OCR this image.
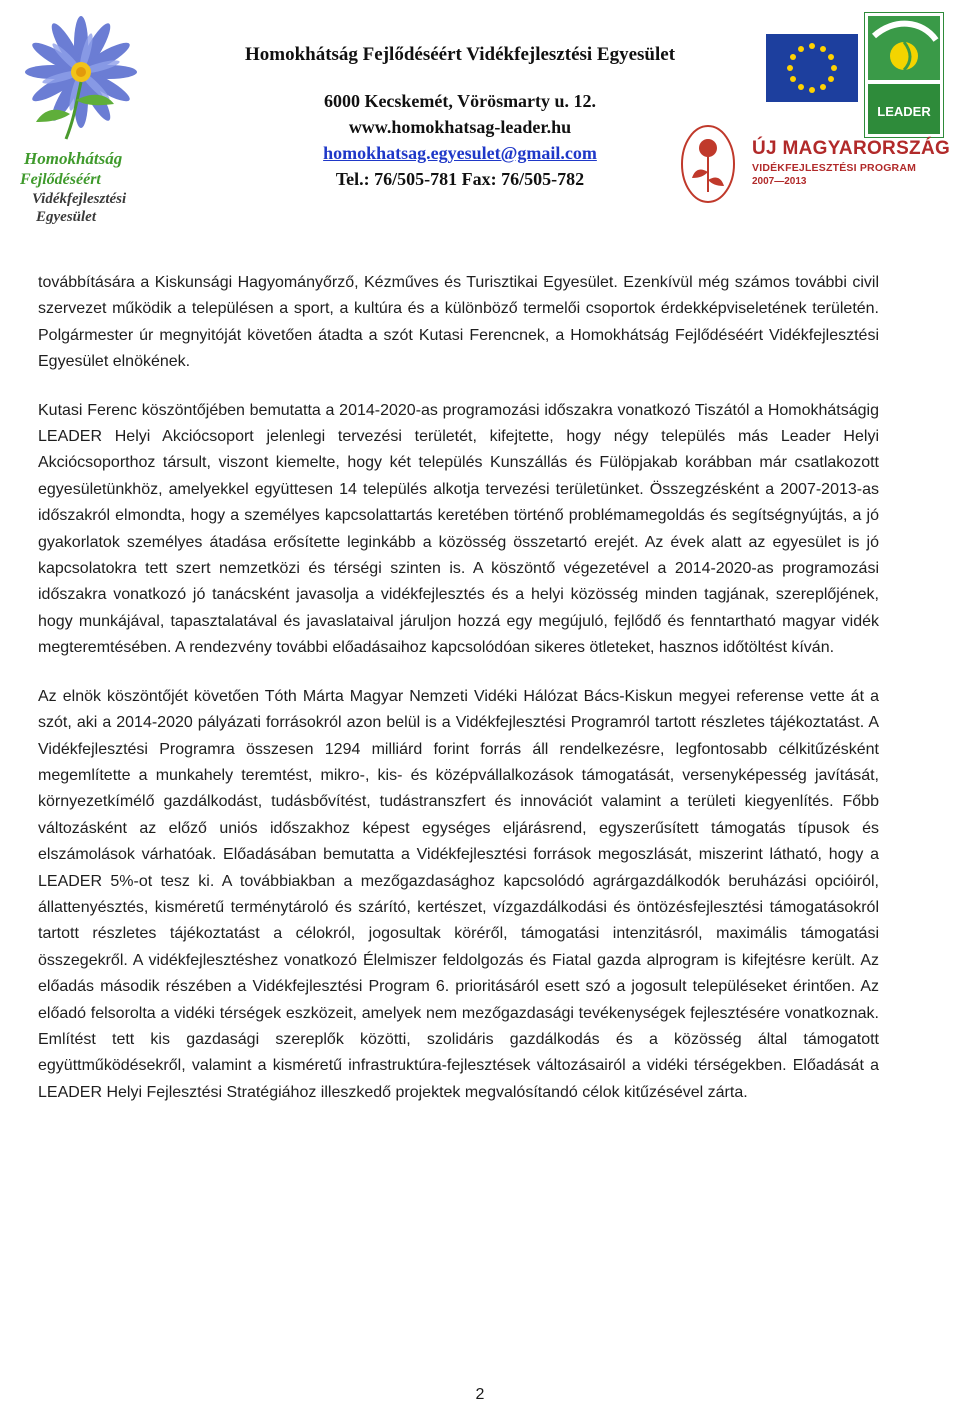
Homokhátság
Fejlődéséért
Vidékfejlesztési
Egyesület
Homokhátság Fejlődéséért Vidékfejlesztési Egyesület
6000 Kecskemét, Vörösmarty u. 12.
www.homokhatsag-leader.hu
homokhatsag.egyesulet@gmail.com
Tel.: 76/505-781 Fax: 76/505-782
LEADER
ÚJ MAGYARORSZÁG
VIDÉKFEJLESZTÉSI PROGRAM
2007—2013

továbbítására a Kiskunsági Hagyományőrző, Kézműves és Turisztikai Egyesület. Ezenkívül még számos további civil szervezet működik a településen a sport, a kultúra és a különböző termelői csoportok érdekképviseletének területén. Polgármester úr megnyitóját követően átadta a szót Kutasi Ferencnek, a Homokhátság Fejlődéséért Vidékfejlesztési Egyesület elnökének.

Kutasi Ferenc köszöntőjében bemutatta a 2014-2020-as programozási időszakra vonatkozó Tiszától a Homokhátságig LEADER Helyi Akciócsoport jelenlegi tervezési területét, kifejtette, hogy négy település más Leader Helyi Akciócsoporthoz társult, viszont kiemelte, hogy két település Kunszállás és Fülöpjakab korábban már csatlakozott egyesületünkhöz, amelyekkel együttesen 14 település alkotja tervezési területünket. Összegzésként a 2007-2013-as időszakról elmondta, hogy a személyes kapcsolattartás keretében történő problémamegoldás és segítségnyújtás, a jó gyakorlatok személyes átadása erősítette leginkább a közösség összetartó erejét. Az évek alatt az egyesület is jó kapcsolatokra tett szert nemzetközi és térségi szinten is. A köszöntő végezetével a 2014-2020-as programozási időszakra vonatkozó jó tanácsként javasolja a vidékfejlesztés és a helyi közösség minden tagjának, szereplőjének, hogy munkájával, tapasztalatával és javaslataival járuljon hozzá egy megújuló, fejlődő és fenntartható magyar vidék megteremtésében. A rendezvény további előadásaihoz kapcsolódóan sikeres ötleteket, hasznos időtöltést kíván.

Az elnök köszöntőjét követően Tóth Márta Magyar Nemzeti Vidéki Hálózat Bács-Kiskun megyei referense vette át a szót, aki a 2014-2020 pályázati forrásokról azon belül is a Vidékfejlesztési Programról tartott részletes tájékoztatást. A Vidékfejlesztési Programra összesen 1294 milliárd forint forrás áll rendelkezésre, legfontosabb célkitűzésként megemlítette a munkahely teremtést, mikro-, kis- és középvállalkozások támogatását, versenyképesség javítását, környezetkímélő gazdálkodást, tudásbővítést, tudástranszfert és innovációt valamint a területi kiegyenlítés. Főbb változásként az előző uniós időszakhoz képest egységes eljárásrend, egyszerűsített támogatás típusok és elszámolások várhatóak. Előadásában bemutatta a Vidékfejlesztési források megoszlását, miszerint látható, hogy a LEADER 5%-ot tesz ki. A továbbiakban a mezőgazdasághoz kapcsolódó agrárgazdálkodók beruházási opcióiról, állattenyésztés, kisméretű terménytároló és szárító, kertészet, vízgazdálkodási és öntözésfejlesztési támogatásokról tartott részletes tájékoztatást a célokról, jogosultak köréről, támogatási intenzitásról, maximális támogatási összegekről. A vidékfejlesztéshez vonatkozó Élelmiszer feldolgozás és Fiatal gazda alprogram is kifejtésre került. Az előadás második részében a Vidékfejlesztési Program 6. prioritásáról esett szó a jogosult településeket érintően. Az előadó felsorolta a vidéki térségek eszközeit, amelyek nem mezőgazdasági tevékenységek fejlesztésére vonatkoznak. Említést tett kis gazdasági szereplők közötti, szolidáris gazdálkodás és a közösség által támogatott együttműködésekről, valamint a kisméretű infrastruktúra-fejlesztések változásairól a vidéki térségekben. Előadását a LEADER Helyi Fejlesztési Stratégiához illeszkedő projektek megvalósítandó célok kitűzésével zárta.

2
